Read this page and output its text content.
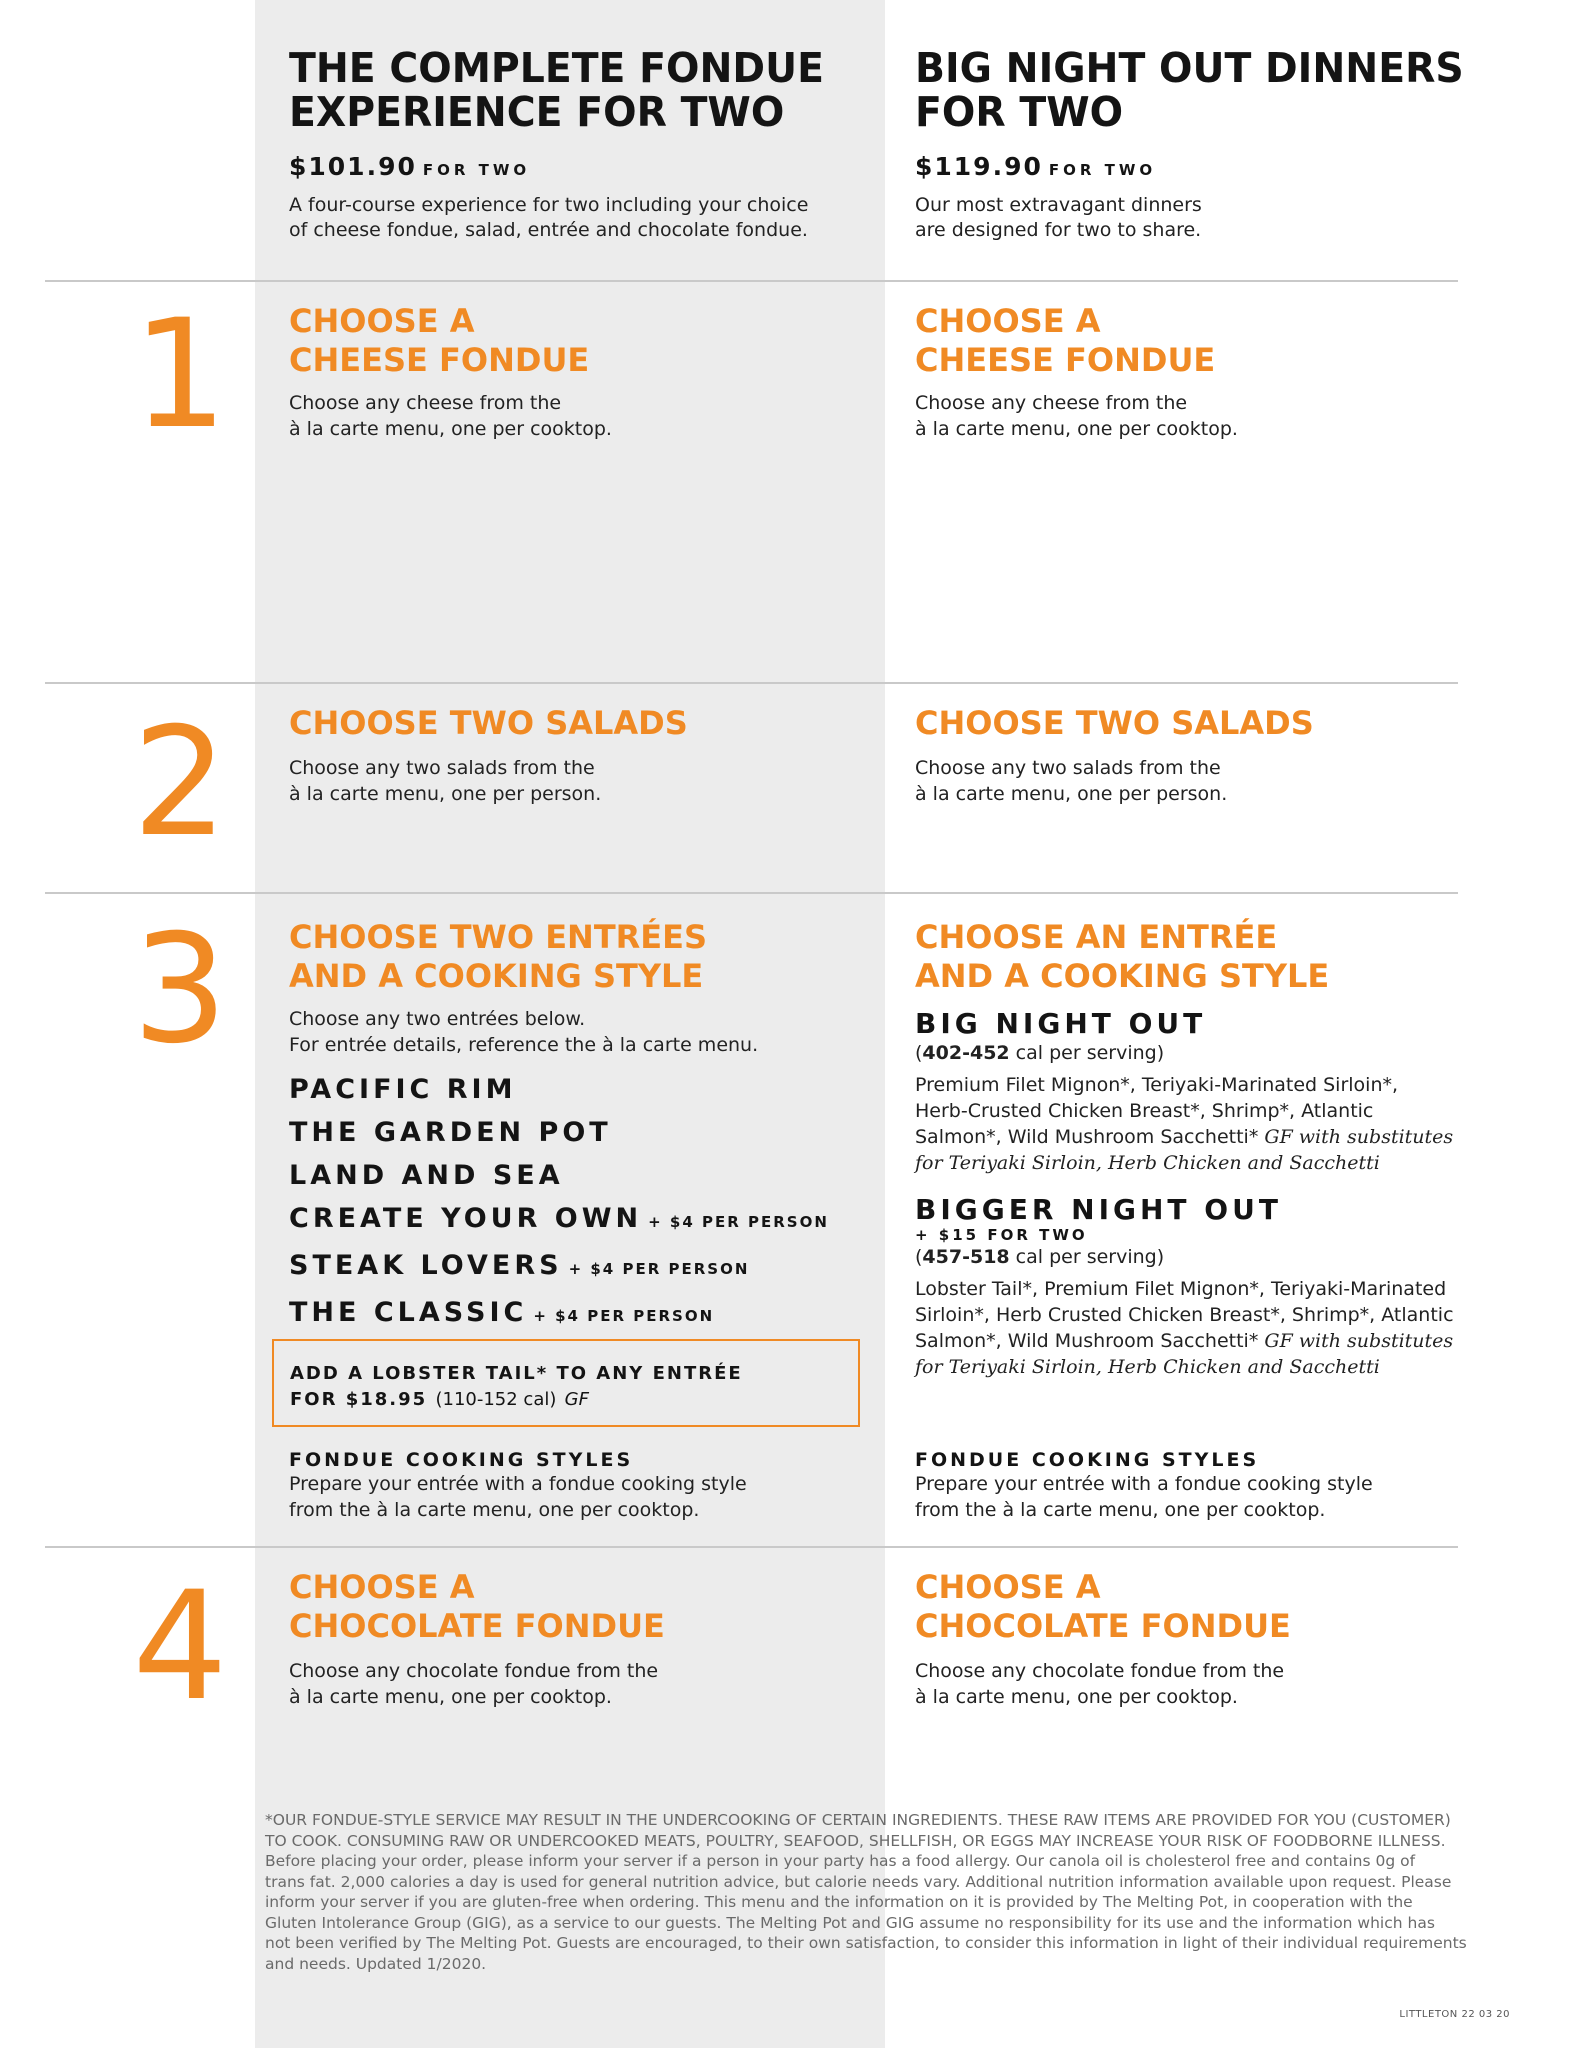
THE COMPLETE FONDUE
EXPERIENCE FOR TWO
$101.90 FOR TWO
A four-course experience for two including your choice
of cheese fondue, salad, entrée and chocolate fondue.
BIG NIGHT OUT DINNERS
FOR TWO
$119.90 FOR TWO
Our most extravagant dinners
are designed for two to share.
1	CHOOSE A
CHEESE FONDUE
Choose any cheese from the
à la carte menu, one per cooktop.
CHOOSE A
CHEESE FONDUE
Choose any cheese from the
à la carte menu, one per cooktop.
2	CHOOSE TWO SALADS
Choose any two salads from the
à la carte menu, one per person.
CHOOSE TWO SALADS
Choose any two salads from the
à la carte menu, one per person.
3	CHOOSE TWO ENTRÉES
AND A COOKING STYLE
Choose any two entrées below.
For entrée details, reference the à la carte menu.
PACIFIC RIM
THE GARDEN POT
LAND AND SEA
CREATE YOUR OWN + $4 PER PERSON
STEAK LOVERS + $4 PER PERSON
THE CLASSIC + $4 PER PERSON
ADD A LOBSTER TAIL* TO ANY ENTRÉE
FOR $18.95 (110-152 cal) GF
FONDUE COOKING STYLES
Prepare your entrée with a fondue cooking style
from the à la carte menu, one per cooktop.
CHOOSE AN ENTRÉE
AND A COOKING STYLE
BIG NIGHT OUT
(402-452 cal per serving)
Premium Filet Mignon*, Teriyaki-Marinated Sirloin*,
Herb-Crusted Chicken Breast*, Shrimp*, Atlantic
Salmon*, Wild Mushroom Sacchetti* GF with substitutes
for Teriyaki Sirloin, Herb Chicken and Sacchetti
BIGGER NIGHT OUT
+ $15 FOR TWO
(457-518 cal per serving)
Lobster Tail*, Premium Filet Mignon*, Teriyaki-Marinated
Sirloin*, Herb Crusted Chicken Breast*, Shrimp*, Atlantic
Salmon*, Wild Mushroom Sacchetti* GF with substitutes
for Teriyaki Sirloin, Herb Chicken and Sacchetti
FONDUE COOKING STYLES
Prepare your entrée with a fondue cooking style
from the à la carte menu, one per cooktop.
4	CHOOSE A
CHOCOLATE FONDUE
Choose any chocolate fondue from the
à la carte menu, one per cooktop.
CHOOSE A
CHOCOLATE FONDUE
Choose any chocolate fondue from the
à la carte menu, one per cooktop.
*OUR FONDUE-STYLE SERVICE MAY RESULT IN THE UNDERCOOKING OF CERTAIN INGREDIENTS. THESE RAW ITEMS ARE PROVIDED FOR YOU (CUSTOMER)
TO COOK. CONSUMING RAW OR UNDERCOOKED MEATS, POULTRY, SEAFOOD, SHELLFISH, OR EGGS MAY INCREASE YOUR RISK OF FOODBORNE ILLNESS.
Before placing your order, please inform your server if a person in your party has a food allergy. Our canola oil is cholesterol free and contains 0g of
trans fat. 2,000 calories a day is used for general nutrition advice, but calorie needs vary. Additional nutrition information available upon request. Please
inform your server if you are gluten-free when ordering. This menu and the information on it is provided by The Melting Pot, in cooperation with the
Gluten Intolerance Group (GIG), as a service to our guests. The Melting Pot and GIG assume no responsibility for its use and the information which has
not been verified by The Melting Pot. Guests are encouraged, to their own satisfaction, to consider this information in light of their individual requirements
and needs. Updated 1/2020.
LITTLETON 22 03 20
